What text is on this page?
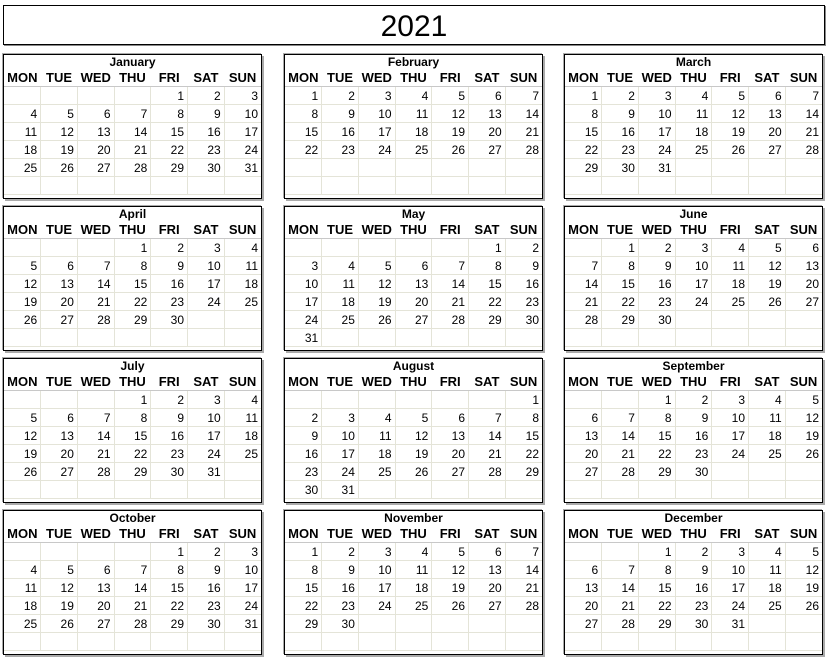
2021
January
MON	TUE	WED	THU	FRI	SAT	SUN
				1	2	3
4	5	6	7	8	9	10
11	12	13	14	15	16	17
18	19	20	21	22	23	24
25	26	27	28	29	30	31

February
MON	TUE	WED	THU	FRI	SAT	SUN
1	2	3	4	5	6	7
8	9	10	11	12	13	14
15	16	17	18	19	20	21
22	23	24	25	26	27	28

March
MON	TUE	WED	THU	FRI	SAT	SUN
1	2	3	4	5	6	7
8	9	10	11	12	13	14
15	16	17	18	19	20	21
22	23	24	25	26	27	28
29	30	31				

April
MON	TUE	WED	THU	FRI	SAT	SUN
			1	2	3	4
5	6	7	8	9	10	11
12	13	14	15	16	17	18
19	20	21	22	23	24	25
26	27	28	29	30		

May
MON	TUE	WED	THU	FRI	SAT	SUN
					1	2
3	4	5	6	7	8	9
10	11	12	13	14	15	16
17	18	19	20	21	22	23
24	25	26	27	28	29	30
31						
June
MON	TUE	WED	THU	FRI	SAT	SUN
	1	2	3	4	5	6
7	8	9	10	11	12	13
14	15	16	17	18	19	20
21	22	23	24	25	26	27
28	29	30				

July
MON	TUE	WED	THU	FRI	SAT	SUN
			1	2	3	4
5	6	7	8	9	10	11
12	13	14	15	16	17	18
19	20	21	22	23	24	25
26	27	28	29	30	31	

August
MON	TUE	WED	THU	FRI	SAT	SUN
						1
2	3	4	5	6	7	8
9	10	11	12	13	14	15
16	17	18	19	20	21	22
23	24	25	26	27	28	29
30	31					
September
MON	TUE	WED	THU	FRI	SAT	SUN
		1	2	3	4	5
6	7	8	9	10	11	12
13	14	15	16	17	18	19
20	21	22	23	24	25	26
27	28	29	30			

October
MON	TUE	WED	THU	FRI	SAT	SUN
				1	2	3
4	5	6	7	8	9	10
11	12	13	14	15	16	17
18	19	20	21	22	23	24
25	26	27	28	29	30	31

November
MON	TUE	WED	THU	FRI	SAT	SUN
1	2	3	4	5	6	7
8	9	10	11	12	13	14
15	16	17	18	19	20	21
22	23	24	25	26	27	28
29	30					

December
MON	TUE	WED	THU	FRI	SAT	SUN
		1	2	3	4	5
6	7	8	9	10	11	12
13	14	15	16	17	18	19
20	21	22	23	24	25	26
27	28	29	30	31		
